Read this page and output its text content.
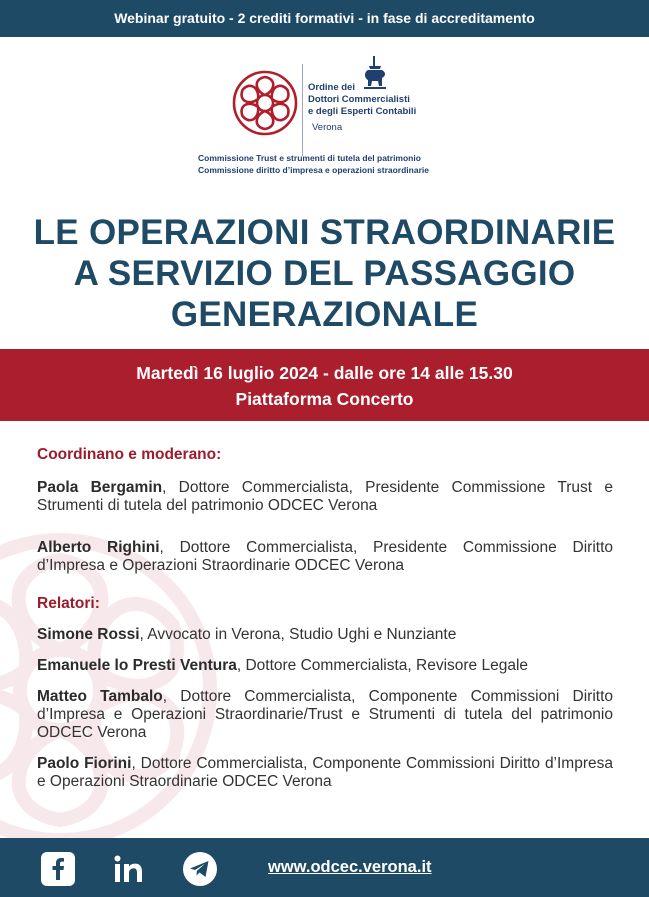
Webinar gratuito - 2 crediti formativi - in fase di accreditamento
Ordine dei
Dottori Commercialisti
e degli Esperti Contabili
Verona
Commissione Trust e strumenti di tutela del patrimonio
Commissione diritto d’impresa e operazioni straordinarie
LE OPERAZIONI STRAORDINARIE
A SERVIZIO DEL PASSAGGIO
GENERAZIONALE
Martedì 16 luglio 2024 - dalle ore 14 alle 15.30
Piattaforma Concerto
Coordinano e moderano:

Paola Bergamin, Dottore Commercialista, Presidente Commissione Trust e Strumenti di tutela del patrimonio ODCEC Verona

Alberto Righini, Dottore Commercialista, Presidente Commissione Diritto d’Impresa e Operazioni Straordinarie ODCEC Verona

Relatori:

Simone Rossi, Avvocato in Verona, Studio Ughi e Nunziante

Emanuele lo Presti Ventura, Dottore Commercialista, Revisore Legale

Matteo Tambalo, Dottore Commercialista, Componente Commissioni Diritto d’Impresa e Operazioni Straordinarie/Trust e Strumenti di tutela del patrimonio ODCEC Verona

Paolo Fiorini, Dottore Commercialista, Componente Commissioni Diritto d’Impresa e Operazioni Straordinarie ODCEC Verona

www.odcec.verona.it
